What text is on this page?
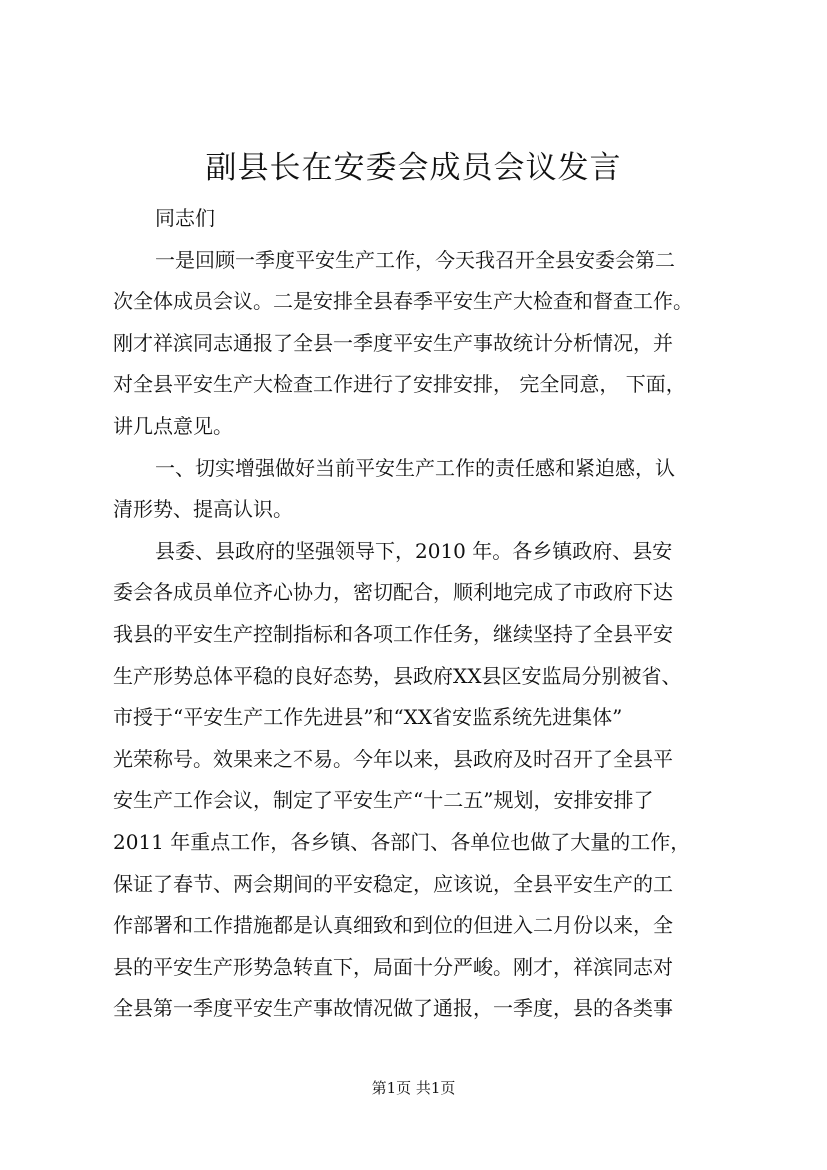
副县长在安委会成员会议发言
同志们
一是回顾一季度平安生产工作，今天我召开全县安委会第二
次全体成员会议。二是安排全县春季平安生产大检查和督查工作。
刚才祥滨同志通报了全县一季度平安生产事故统计分析情况，并
对全县平安生产大检查工作进行了安排安排， 完全同意， 下面，
讲几点意见。
一、切实增强做好当前平安生产工作的责任感和紧迫感，认
清形势、提高认识。
县委、县政府的坚强领导下，2010 年。各乡镇政府、县安
委会各成员单位齐心协力，密切配合，顺利地完成了市政府下达
我县的平安生产控制指标和各项工作任务，继续坚持了全县平安
生产形势总体平稳的良好态势，县政府XX县区安监局分别被省、
市授于“平安生产工作先进县”和“XX省安监系统先进集体”
光荣称号。效果来之不易。今年以来，县政府及时召开了全县平
安生产工作会议，制定了平安生产“十二五”规划，安排安排了
2011 年重点工作，各乡镇、各部门、各单位也做了大量的工作，
保证了春节、两会期间的平安稳定，应该说，全县平安生产的工
作部署和工作措施都是认真细致和到位的但进入二月份以来，全
县的平安生产形势急转直下，局面十分严峻。刚才，祥滨同志对
全县第一季度平安生产事故情况做了通报，一季度，县的各类事
第1页 共1页
